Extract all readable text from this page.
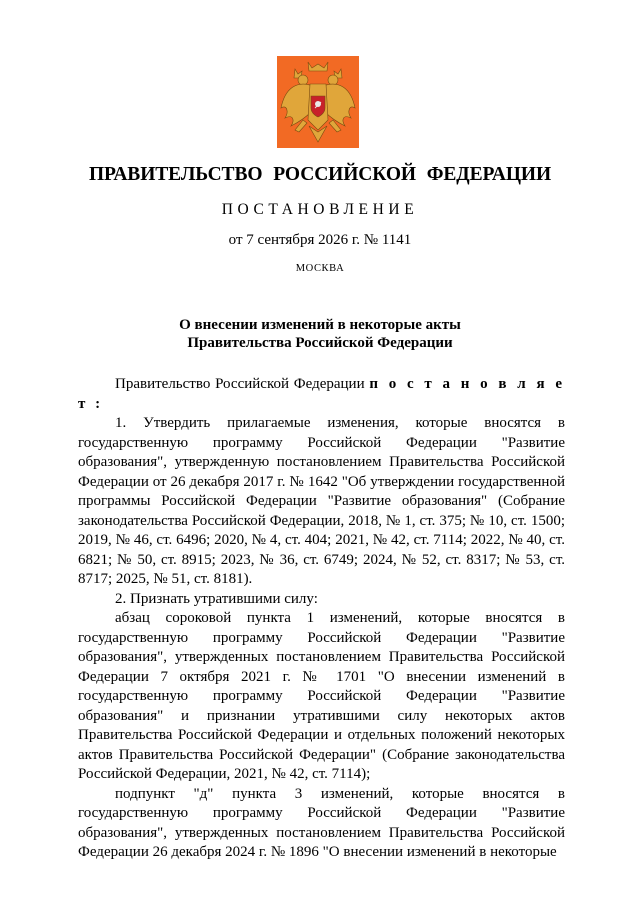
ПРАВИТЕЛЬСТВО РОССИЙСКОЙ ФЕДЕРАЦИИ
ПОСТАНОВЛЕНИЕ
от 7 сентября 2026 г. № 1141
МОСКВА
О внесении изменений в некоторые акты
Правительства Российской Федерации

Правительство Российской Федерации п о с т а н о в л я е т :

1. Утвердить прилагаемые изменения, которые вносятся в государственную программу Российской Федерации "Развитие образования", утвержденную постановлением Правительства Российской Федерации от 26 декабря 2017 г. № 1642 "Об утверждении государственной программы Российской Федерации "Развитие образования" (Собрание законодательства Российской Федерации, 2018, № 1, ст. 375; № 10, ст. 1500; 2019, № 46, ст. 6496; 2020, № 4, ст. 404; 2021, № 42, ст. 7114; 2022, № 40, ст. 6821; № 50, ст. 8915; 2023, № 36, ст. 6749; 2024, № 52, ст. 8317; № 53, ст. 8717; 2025, № 51, ст. 8181).

2. Признать утратившими силу:

абзац сороковой пункта 1 изменений, которые вносятся в государственную программу Российской Федерации "Развитие образования", утвержденных постановлением Правительства Российской Федерации 7 октября 2021 г. № 1701 "О внесении изменений в государственную программу Российской Федерации "Развитие образования" и признании утратившими силу некоторых актов Правительства Российской Федерации и отдельных положений некоторых актов Правительства Российской Федерации" (Собрание законодательства Российской Федерации, 2021, № 42, ст. 7114);

подпункт "д" пункта 3 изменений, которые вносятся в государственную программу Российской Федерации "Развитие образования", утвержденных постановлением Правительства Российской Федерации 26 декабря 2024 г. № 1896 "О внесении изменений в некоторые
